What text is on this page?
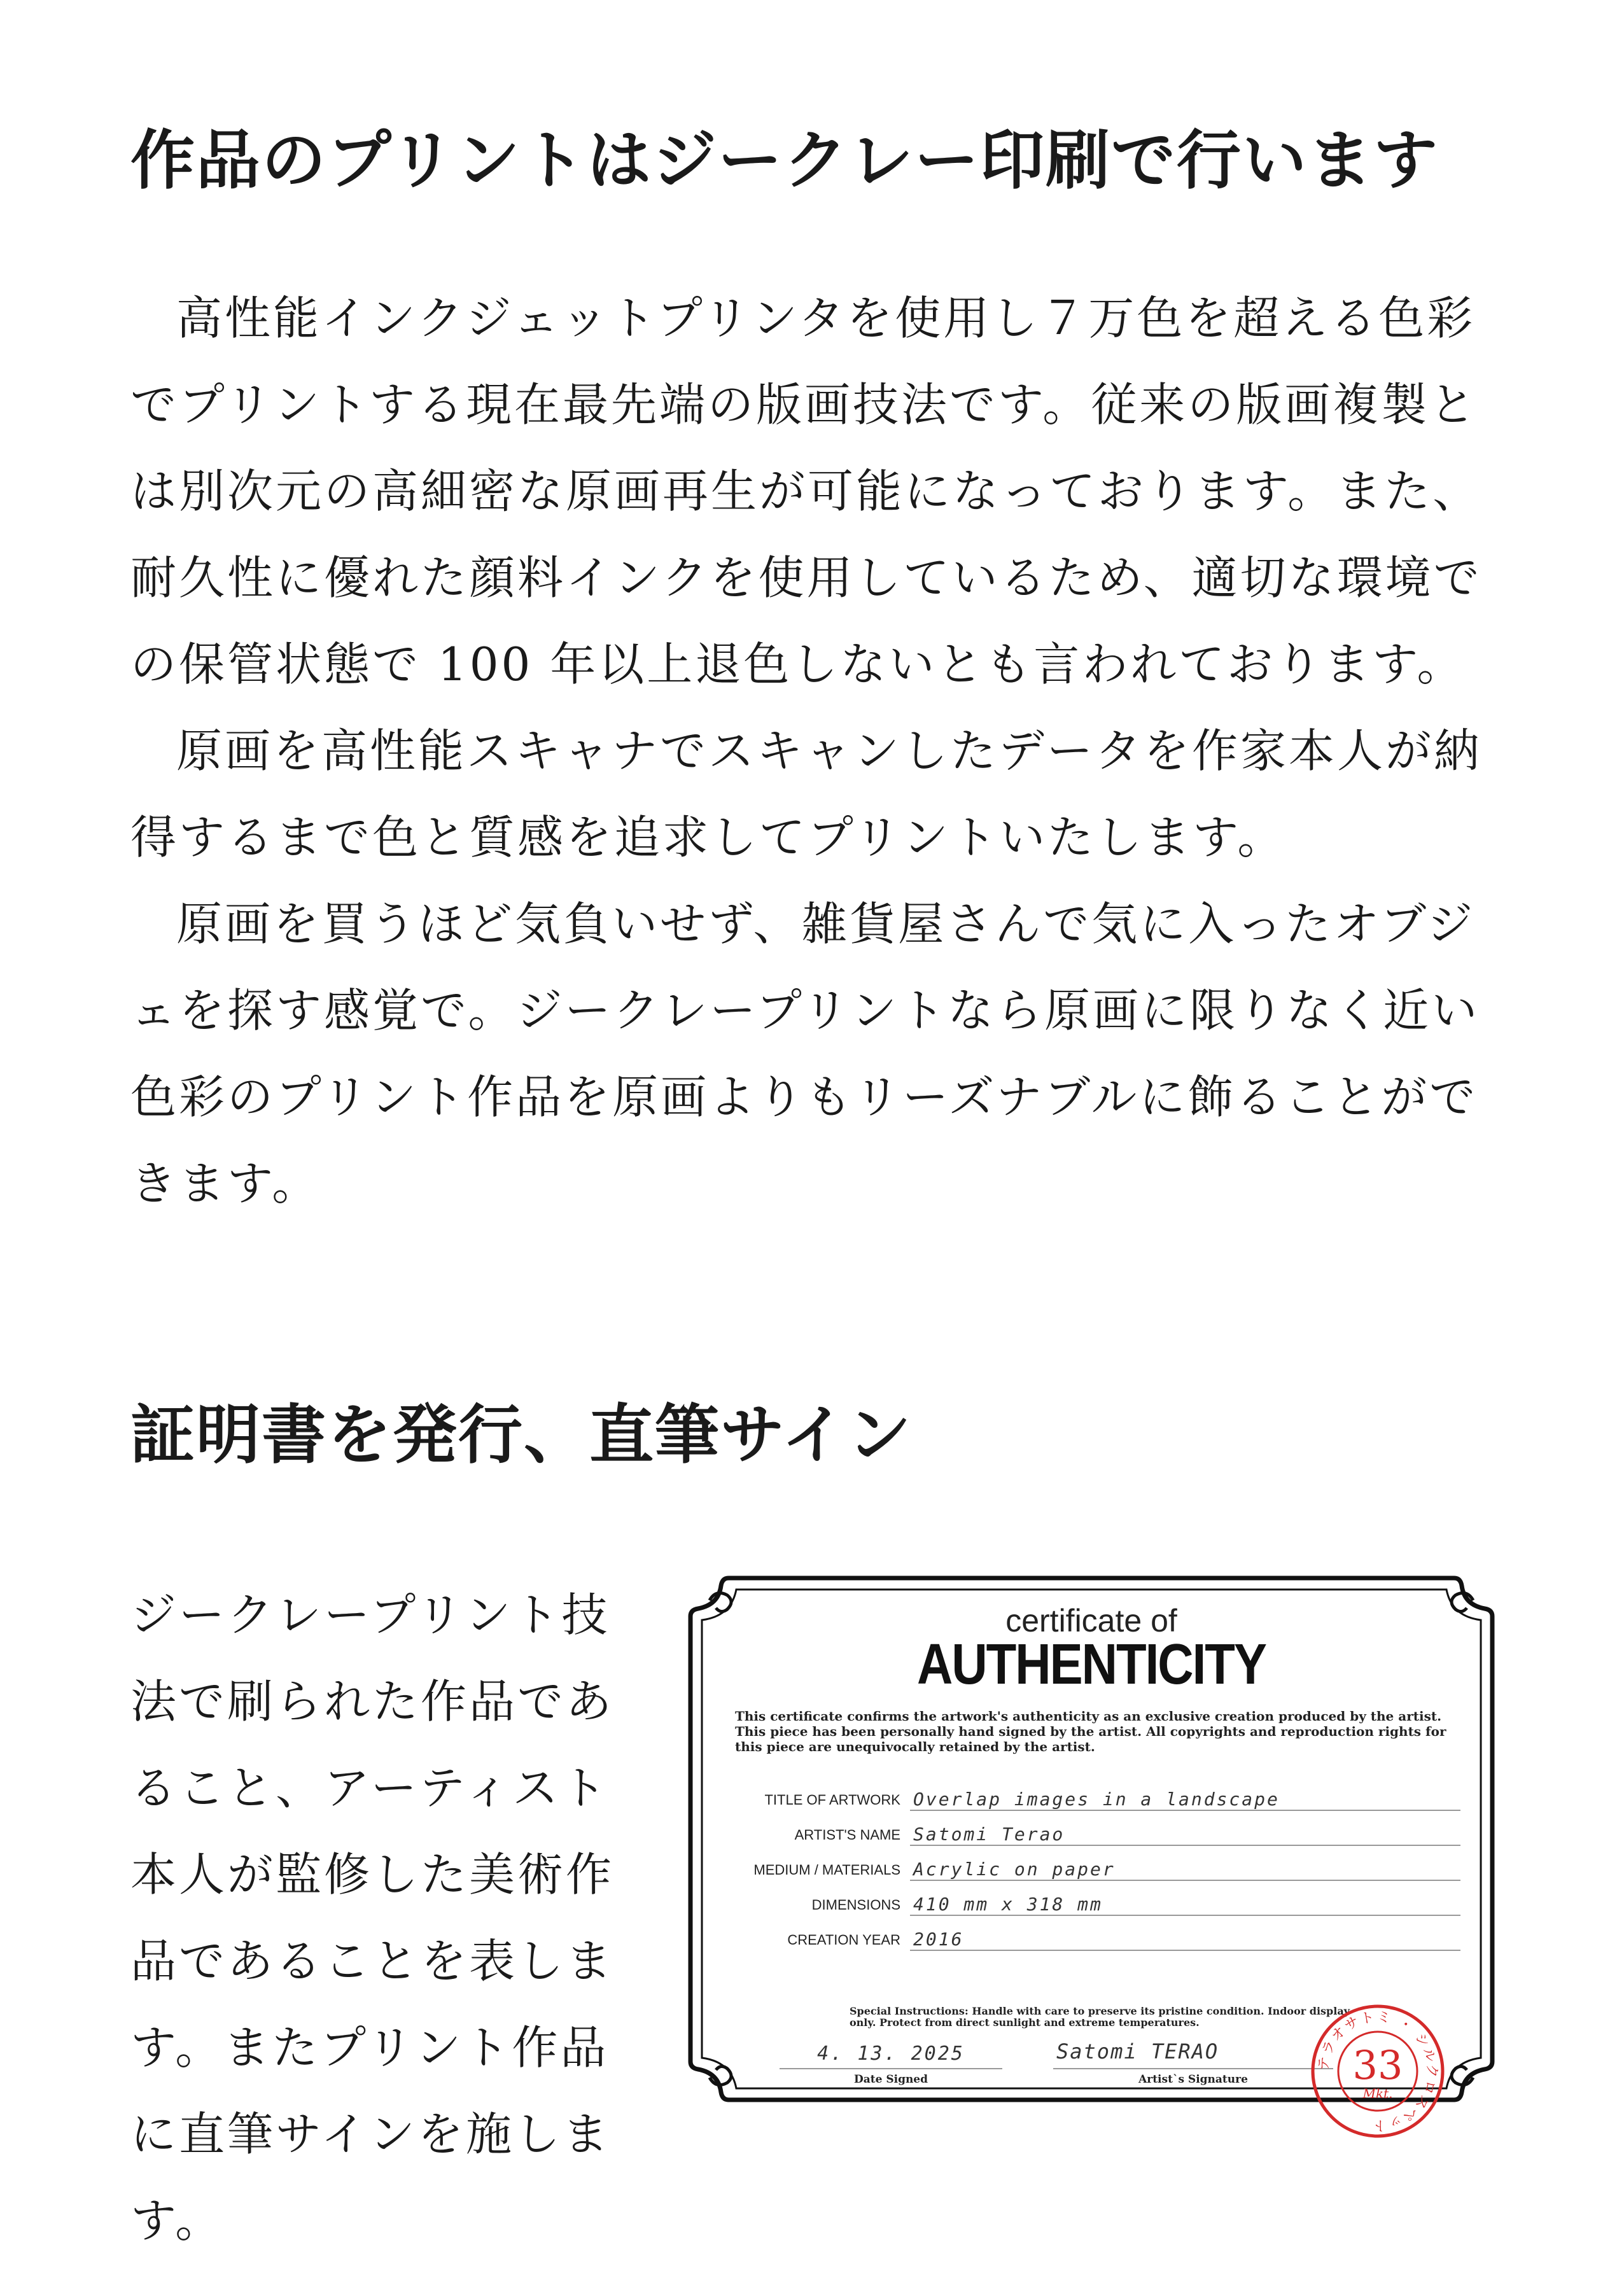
作品のプリントはジークレー印刷で行います

高性能インクジェットプリンタを使用し７万色を超える色彩でプリントする現在最先端の版画技法です。従来の版画複製とは別次元の高細密な原画再生が可能になっております。また、耐久性に優れた顔料インクを使用しているため、適切な環境での保管状態で 100 年以上退色しないとも言われております。

原画を高性能スキャナでスキャンしたデータを作家本人が納得するまで色と質感を追求してプリントいたします。

原画を買うほど気負いせず、雑貨屋さんで気に入ったオブジェを探す感覚で。ジークレープリントなら原画に限りなく近い色彩のプリント作品を原画よりもリーズナブルに飾ることができます。

証明書を発行、直筆サイン
ジークレープリント技法で刷られた作品であること、アーティスト本人が監修した美術作品であることを表します。またプリント作品に直筆サインを施します。
certificate of
AUTHENTICITY
This certificate confirms the artwork's authenticity as an exclusive creation produced by the artist. This piece has been personally hand signed by the artist. All copyrights and reproduction rights for this piece are unequivocally retained by the artist.
TITLE OF ARTWORK Overlap images in a landscape
ARTIST'S NAME Satomi Terao
MEDIUM / MATERIALS Acrylic on paper
DIMENSIONS 410 mm x 318 mm
CREATION YEAR 2016
Special Instructions: Handle with care to preserve its pristine condition. Indoor display only. Protect from direct sunlight and extreme temperatures.
4. 13. 2025
Date Signed
Satomi TERAO
Artist`s Signature
テラオサトミ ・ シルクロスペット
33
Mkt.
